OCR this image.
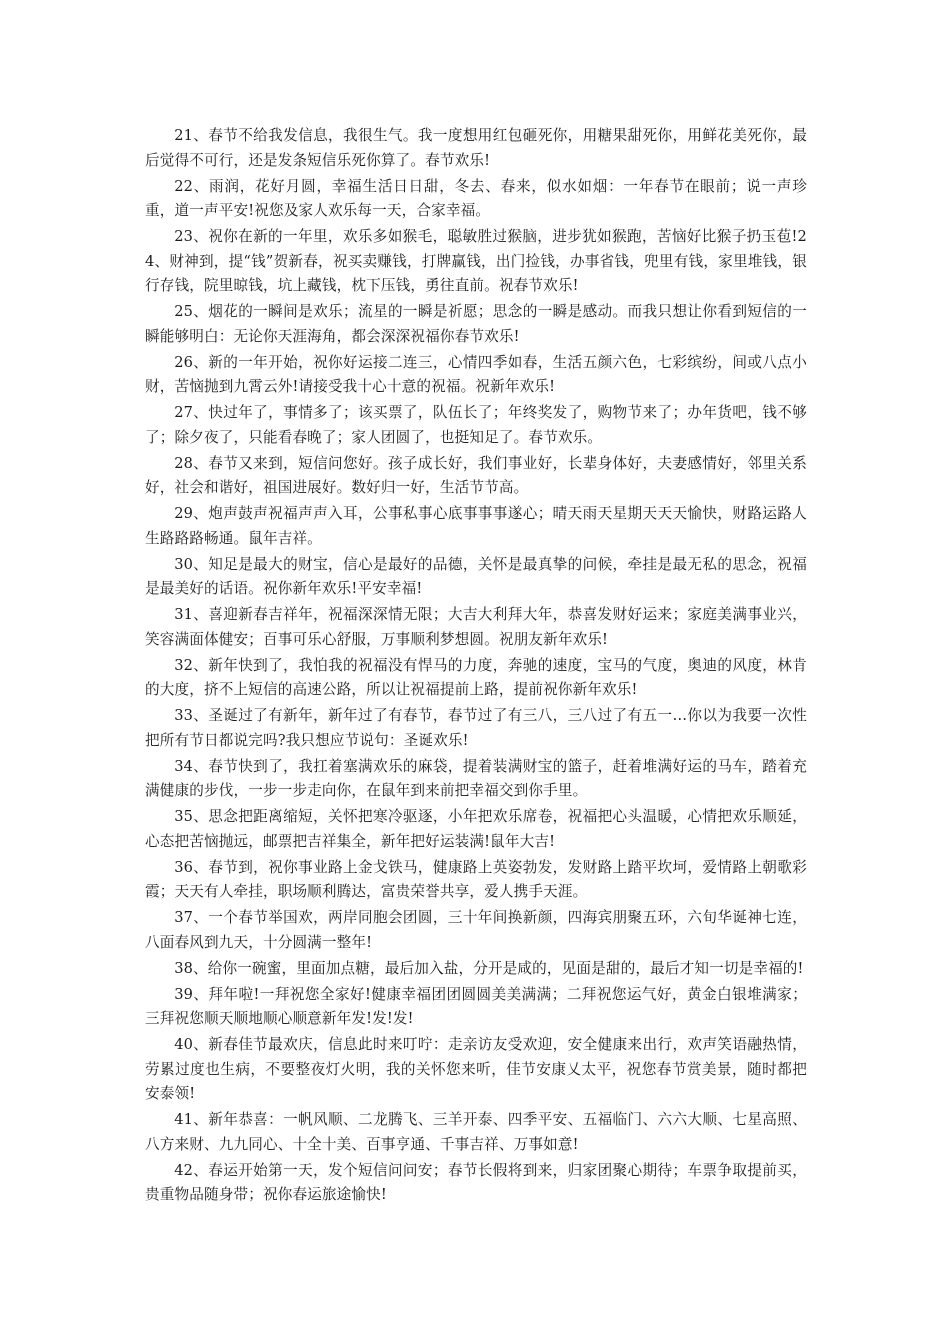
21、春节不给我发信息，我很生气。我一度想用红包砸死你，用糖果甜死你，用鲜花美死你，最后觉得不可行，还是发条短信乐死你算了。春节欢乐!

22、雨润，花好月圆，幸福生活日日甜，冬去、春来，似水如烟：一年春节在眼前；说一声珍重，道一声平安!祝您及家人欢乐每一天，合家幸福。

23、祝你在新的一年里，欢乐多如猴毛，聪敏胜过猴脑，进步犹如猴跑，苦恼好比猴子扔玉苞!24、财神到，提“钱”贺新春，祝买卖赚钱，打牌赢钱，出门捡钱，办事省钱，兜里有钱，家里堆钱，银行存钱，院里晾钱，坑上藏钱，枕下压钱，勇往直前。祝春节欢乐!

25、烟花的一瞬间是欢乐；流星的一瞬是祈愿；思念的一瞬是感动。而我只想让你看到短信的一瞬能够明白：无论你天涯海角，都会深深祝福你春节欢乐!

26、新的一年开始，祝你好运接二连三，心情四季如春，生活五颜六色，七彩缤纷，间或八点小财，苦恼抛到九霄云外!请接受我十心十意的祝福。祝新年欢乐!

27、快过年了，事情多了；该买票了，队伍长了；年终奖发了，购物节来了；办年货吧，钱不够了；除夕夜了，只能看春晚了；家人团圆了，也挺知足了。春节欢乐。

28、春节又来到，短信问您好。孩子成长好，我们事业好，长辈身体好，夫妻感情好，邻里关系好，社会和谐好，祖国进展好。数好归一好，生活节节高。

29、炮声鼓声祝福声声入耳，公事私事心底事事事遂心；晴天雨天星期天天天愉快，财路运路人生路路路畅通。鼠年吉祥。

30、知足是最大的财宝，信心是最好的品德，关怀是最真挚的问候，牵挂是最无私的思念，祝福是最美好的话语。祝你新年欢乐!平安幸福!

31、喜迎新春吉祥年，祝福深深情无限；大吉大利拜大年，恭喜发财好运来；家庭美满事业兴，笑容满面体健安；百事可乐心舒服，万事顺利梦想圆。祝朋友新年欢乐!

32、新年快到了，我怕我的祝福没有悍马的力度，奔驰的速度，宝马的气度，奥迪的风度，林肯的大度，挤不上短信的高速公路，所以让祝福提前上路，提前祝你新年欢乐!

33、圣诞过了有新年，新年过了有春节，春节过了有三八，三八过了有五一…你以为我要一次性把所有节日都说完吗?我只想应节说句：圣诞欢乐!

34、春节快到了，我扛着塞满欢乐的麻袋，提着装满财宝的篮子，赶着堆满好运的马车，踏着充满健康的步伐，一步一步走向你，在鼠年到来前把幸福交到你手里。

35、思念把距离缩短，关怀把寒冷驱逐，小年把欢乐席卷，祝福把心头温暖，心情把欢乐顺延，心态把苦恼抛远，邮票把吉祥集全，新年把好运装满!鼠年大吉!

36、春节到，祝你事业路上金戈铁马，健康路上英姿勃发，发财路上踏平坎坷，爱情路上朝歌彩霞；天天有人牵挂，职场顺利腾达，富贵荣誉共享，爱人携手天涯。

37、一个春节举国欢，两岸同胞会团圆，三十年间换新颜，四海宾朋聚五环，六旬华诞神七连，八面春风到九天，十分圆满一整年!

38、给你一碗蜜，里面加点糖，最后加入盐，分开是咸的，见面是甜的，最后才知一切是幸福的!

39、拜年啦!一拜祝您全家好!健康幸福团团圆圆美美满满；二拜祝您运气好，黄金白银堆满家；三拜祝您顺天顺地顺心顺意新年发!发!发!

40、新春佳节最欢庆，信息此时来叮咛：走亲访友受欢迎，安全健康来出行，欢声笑语融热情，劳累过度也生病，不要整夜灯火明，我的关怀您来听，佳节安康乂太平，祝您春节赏美景，随时都把安泰领!

41、新年恭喜：一帆风顺、二龙腾飞、三羊开泰、四季平安、五福临门、六六大顺、七星高照、八方来财、九九同心、十全十美、百事亨通、千事吉祥、万事如意!

42、春运开始第一天，发个短信问问安；春节长假将到来，归家团聚心期待；车票争取提前买，贵重物品随身带；祝你春运旅途愉快!
